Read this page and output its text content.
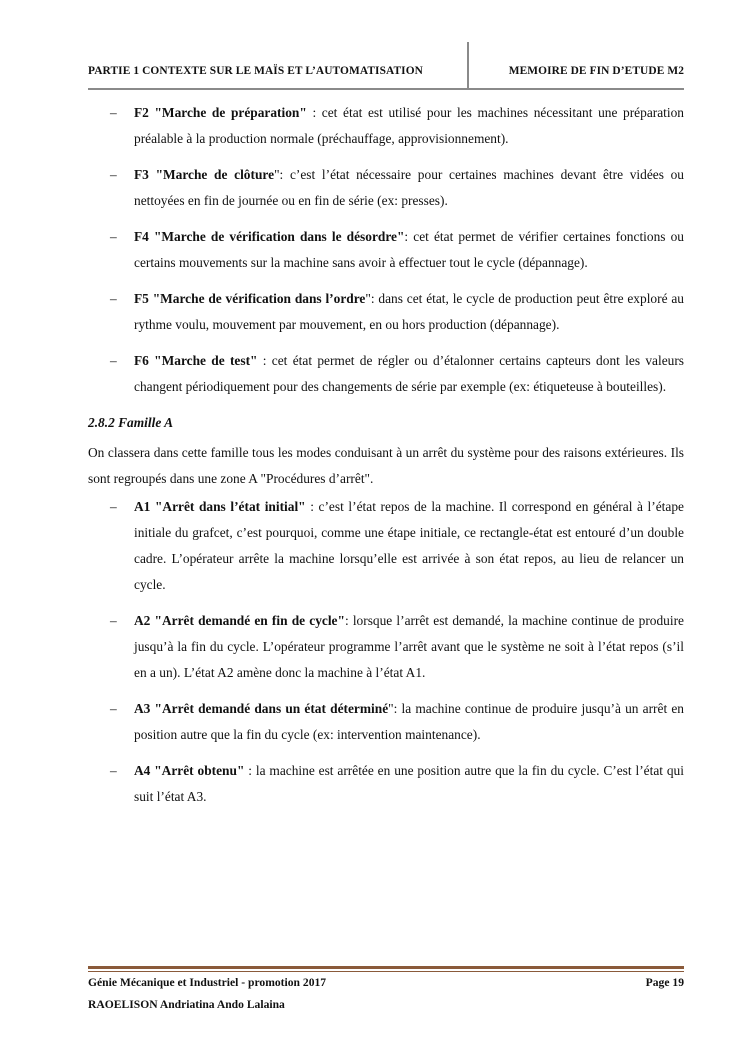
PARTIE 1 CONTEXTE SUR LE MAÏS ET L’AUTOMATISATION	MEMOIRE DE FIN D’ETUDE M2
– F2 "Marche de préparation" : cet état est utilisé pour les machines nécessitant une préparation préalable à la production normale (préchauffage, approvisionnement).
– F3 "Marche de clôture": c’est l’état nécessaire pour certaines machines devant être vidées ou nettoyées en fin de journée ou en fin de série (ex: presses).
– F4 "Marche de vérification dans le désordre": cet état permet de vérifier certaines fonctions ou certains mouvements sur la machine sans avoir à effectuer tout le cycle (dépannage).
– F5 "Marche de vérification dans l’ordre": dans cet état, le cycle de production peut être exploré au rythme voulu, mouvement par mouvement, en ou hors production (dépannage).
– F6 "Marche de test" : cet état permet de régler ou d’étalonner certains capteurs dont les valeurs changent périodiquement pour des changements de série par exemple (ex: étiqueteuse à bouteilles).
2.8.2 Famille A
On classera dans cette famille tous les modes conduisant à un arrêt du système pour des raisons extérieures. Ils sont regroupés dans une zone A "Procédures d’arrêt".
– A1 "Arrêt dans l’état initial" : c’est l’état repos de la machine. Il correspond en général à l’étape initiale du grafcet, c’est pourquoi, comme une étape initiale, ce rectangle-état est entouré d’un double cadre. L’opérateur arrête la machine lorsqu’elle est arrivée à son état repos, au lieu de relancer un cycle.
– A2 "Arrêt demandé en fin de cycle": lorsque l’arrêt est demandé, la machine continue de produire jusqu’à la fin du cycle. L’opérateur programme l’arrêt avant que le système ne soit à l’état repos (s’il en a un). L’état A2 amène donc la machine à l’état A1.
– A3 "Arrêt demandé dans un état déterminé": la machine continue de produire jusqu’à un arrêt en position autre que la fin du cycle (ex: intervention maintenance).
– A4 "Arrêt obtenu" : la machine est arrêtée en une position autre que la fin du cycle. C’est l’état qui suit l’état A3.
Génie Mécanique et Industriel - promotion 2017	Page 19
RAOELISON Andriatina Ando Lalaina
